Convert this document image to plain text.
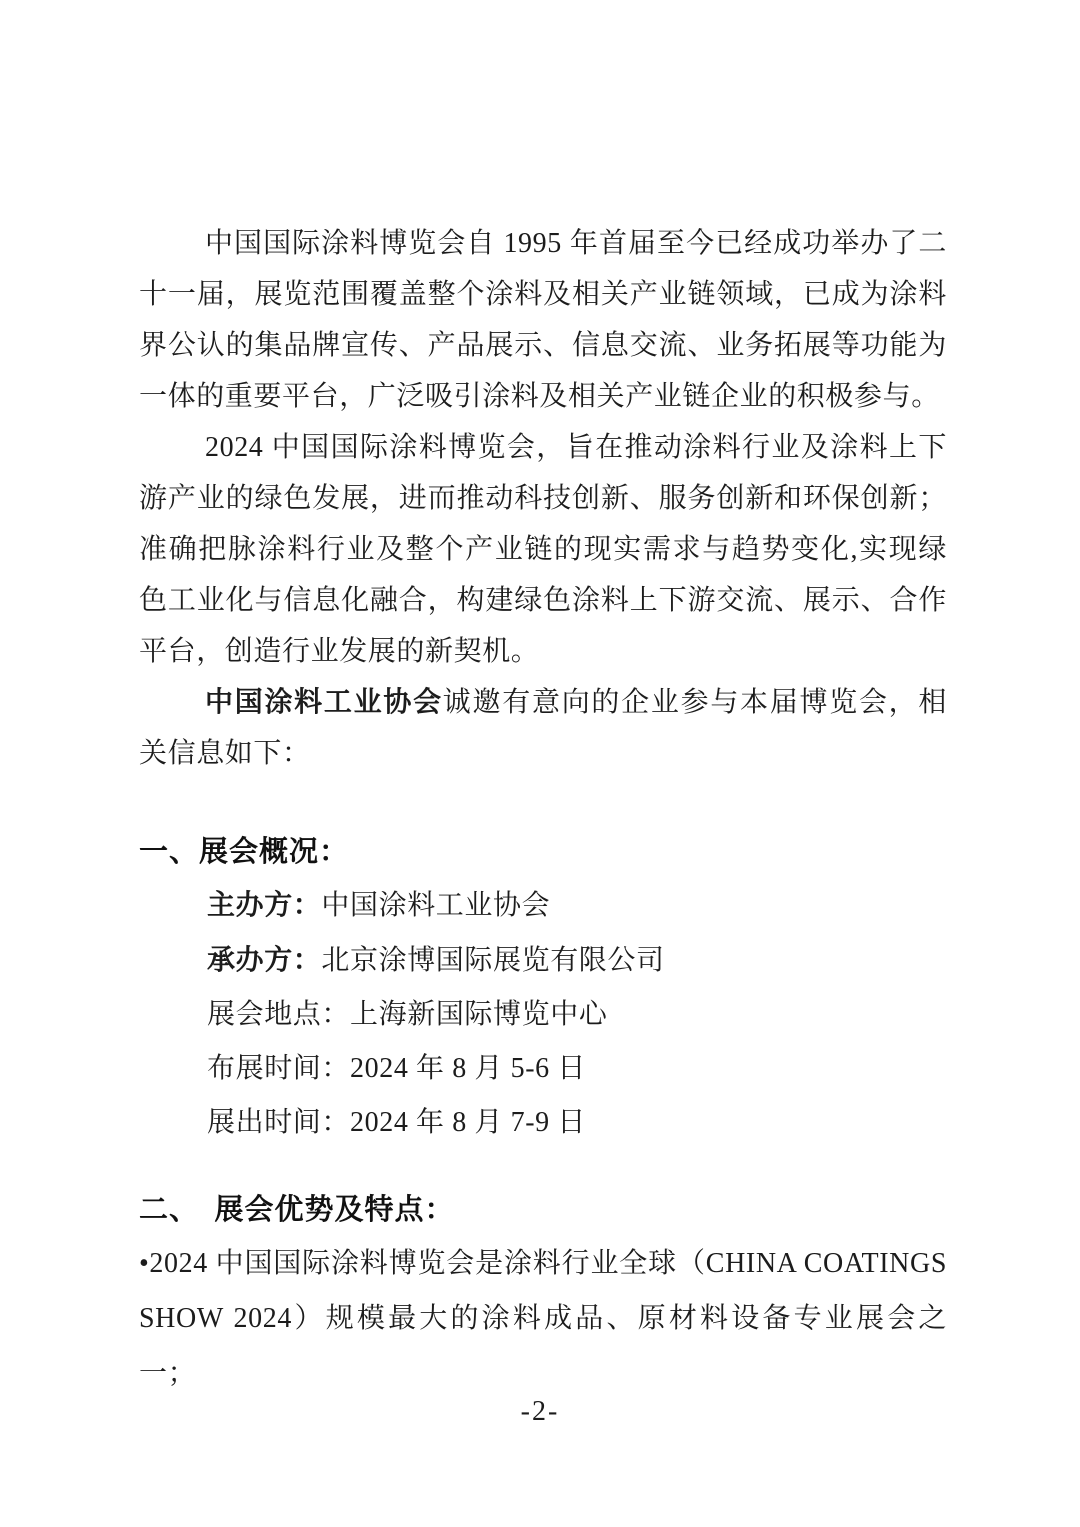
中国国际涂料博览会自 1995 年首届至今已经成功举办了二十一届，展览范围覆盖整个涂料及相关产业链领域，已成为涂料界公认的集品牌宣传、产品展示、信息交流、业务拓展等功能为一体的重要平台，广泛吸引涂料及相关产业链企业的积极参与。

2024 中国国际涂料博览会，旨在推动涂料行业及涂料上下游产业的绿色发展，进而推动科技创新、服务创新和环保创新；准确把脉涂料行业及整个产业链的现实需求与趋势变化,实现绿色工业化与信息化融合，构建绿色涂料上下游交流、展示、合作平台，创造行业发展的新契机。

中国涂料工业协会诚邀有意向的企业参与本届博览会，相关信息如下：

一、展会概况：
主办方：中国涂料工业协会
承办方：北京涂博国际展览有限公司
展会地点：上海新国际博览中心
布展时间：2024 年 8 月 5-6 日
展出时间：2024 年 8 月 7-9 日
二、　展会优势及特点：

•2024 中国国际涂料博览会是涂料行业全球（CHINA COATINGS SHOW 2024）规模最大的涂料成品、原材料设备专业展会之一；

-2-
